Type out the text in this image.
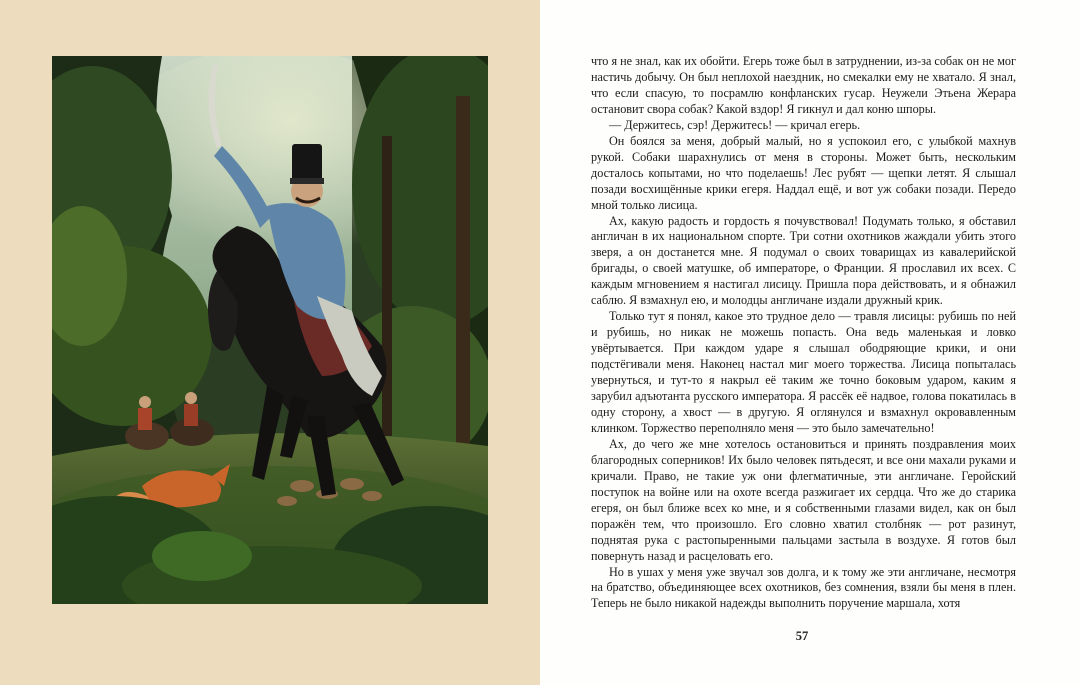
что я не знал, как их обойти. Егерь тоже был в затруднении, из-за собак он не мог настичь добычу. Он был неплохой наездник, но смекалки ему не хватало. Я знал, что если спасую, то посрамлю конфланских гусар. Неужели Этьена Жерара остановит свора собак? Какой вздор! Я гикнул и дал коню шпоры.

— Держитесь, сэр! Держитесь! — кричал егерь.

Он боялся за меня, добрый малый, но я успокоил его, с улыбкой махнув рукой. Собаки шарахнулись от меня в стороны. Может быть, нескольким досталось копытами, но что поделаешь! Лес рубят — щепки летят. Я слышал позади восхищённые крики егеря. Наддал ещё, и вот уж собаки позади. Передо мной только лисица.

Ах, какую радость и гордость я почувствовал! Подумать только, я обставил англичан в их национальном спорте. Три сотни охотников жаждали убить этого зверя, а он достанется мне. Я подумал о своих товарищах из кавалерийской бригады, о своей матушке, об императоре, о Франции. Я прославил их всех. С каждым мгновением я настигал лисицу. Пришла пора действовать, и я обнажил саблю. Я взмахнул ею, и молодцы англичане издали дружный крик.

Только тут я понял, какое это трудное дело — травля лисицы: рубишь по ней и рубишь, но никак не можешь попасть. Она ведь маленькая и ловко увёртывается. При каждом ударе я слышал ободряющие крики, и они подстёгивали меня. Наконец настал миг моего торжества. Лисица попыталась увернуться, и тут-то я накрыл её таким же точно боковым ударом, каким я зарубил адъютанта русского императора. Я рассёк её надвое, голова покатилась в одну сторону, а хвост — в другую. Я оглянулся и взмахнул окровавленным клинком. Торжество переполняло меня — это было замечательно!

Ах, до чего же мне хотелось остановиться и принять поздравления моих благородных соперников! Их было человек пятьдесят, и все они махали руками и кричали. Право, не такие уж они флегматичные, эти англичане. Геройский поступок на войне или на охоте всегда разжигает их сердца. Что же до старика егеря, он был ближе всех ко мне, и я собственными глазами видел, как он был поражён тем, что произошло. Его словно хватил столбняк — рот разинут, поднятая рука с растопыренными пальцами застыла в воздухе. Я готов был повернуть назад и расцеловать его.

Но в ушах у меня уже звучал зов долга, и к тому же эти англичане, несмотря на братство, объединяющее всех охотников, без сомнения, взяли бы меня в плен. Теперь не было никакой надежды выполнить поручение маршала, хотя

57
